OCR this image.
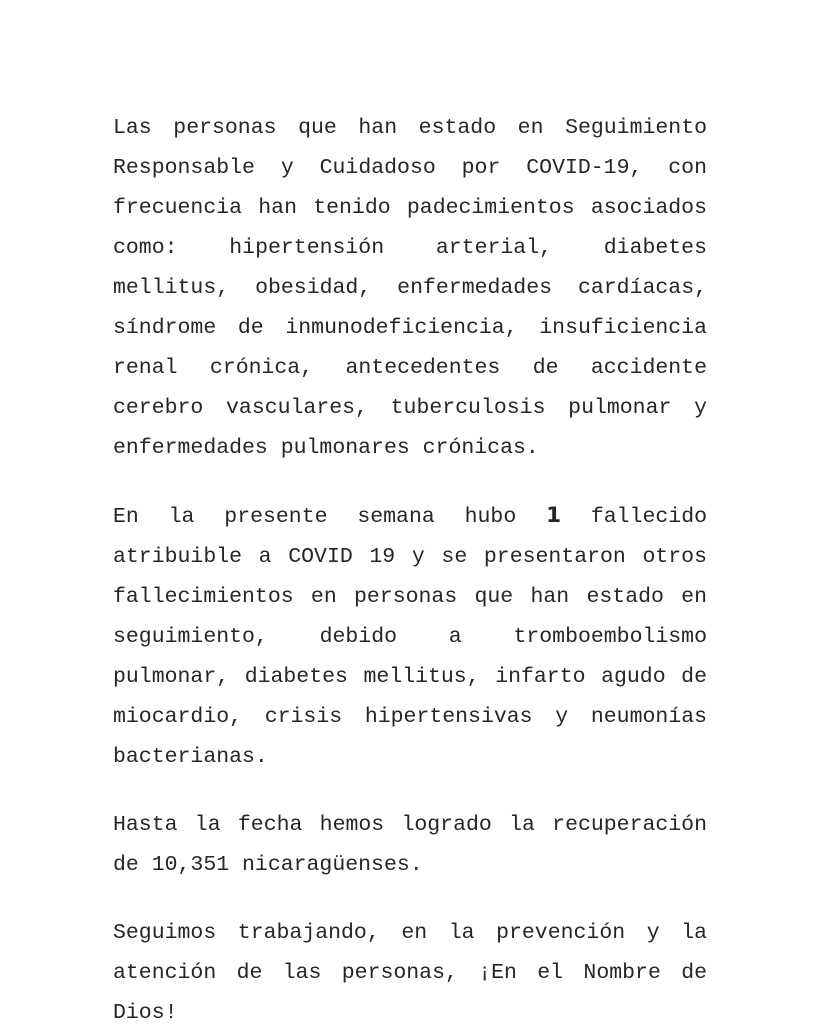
Las personas que han estado en Seguimiento Responsable y Cuidadoso por COVID-19, con frecuencia han tenido padecimientos asociados como: hipertensión arterial, diabetes mellitus, obesidad, enfermedades cardíacas, síndrome de inmunodeficiencia, insuficiencia renal crónica, antecedentes de accidente cerebro vasculares, tuberculosis pulmonar y enfermedades pulmonares crónicas.

En la presente semana hubo 1 fallecido atribuible a COVID 19 y se presentaron otros fallecimientos en personas que han estado en seguimiento, debido a tromboembolismo pulmonar, diabetes mellitus, infarto agudo de miocardio, crisis hipertensivas y neumonías bacterianas.

Hasta la fecha hemos logrado la recuperación de 10,351 nicaragüenses.

Seguimos trabajando, en la prevención y la atención de las personas, ¡En el Nombre de Dios!
